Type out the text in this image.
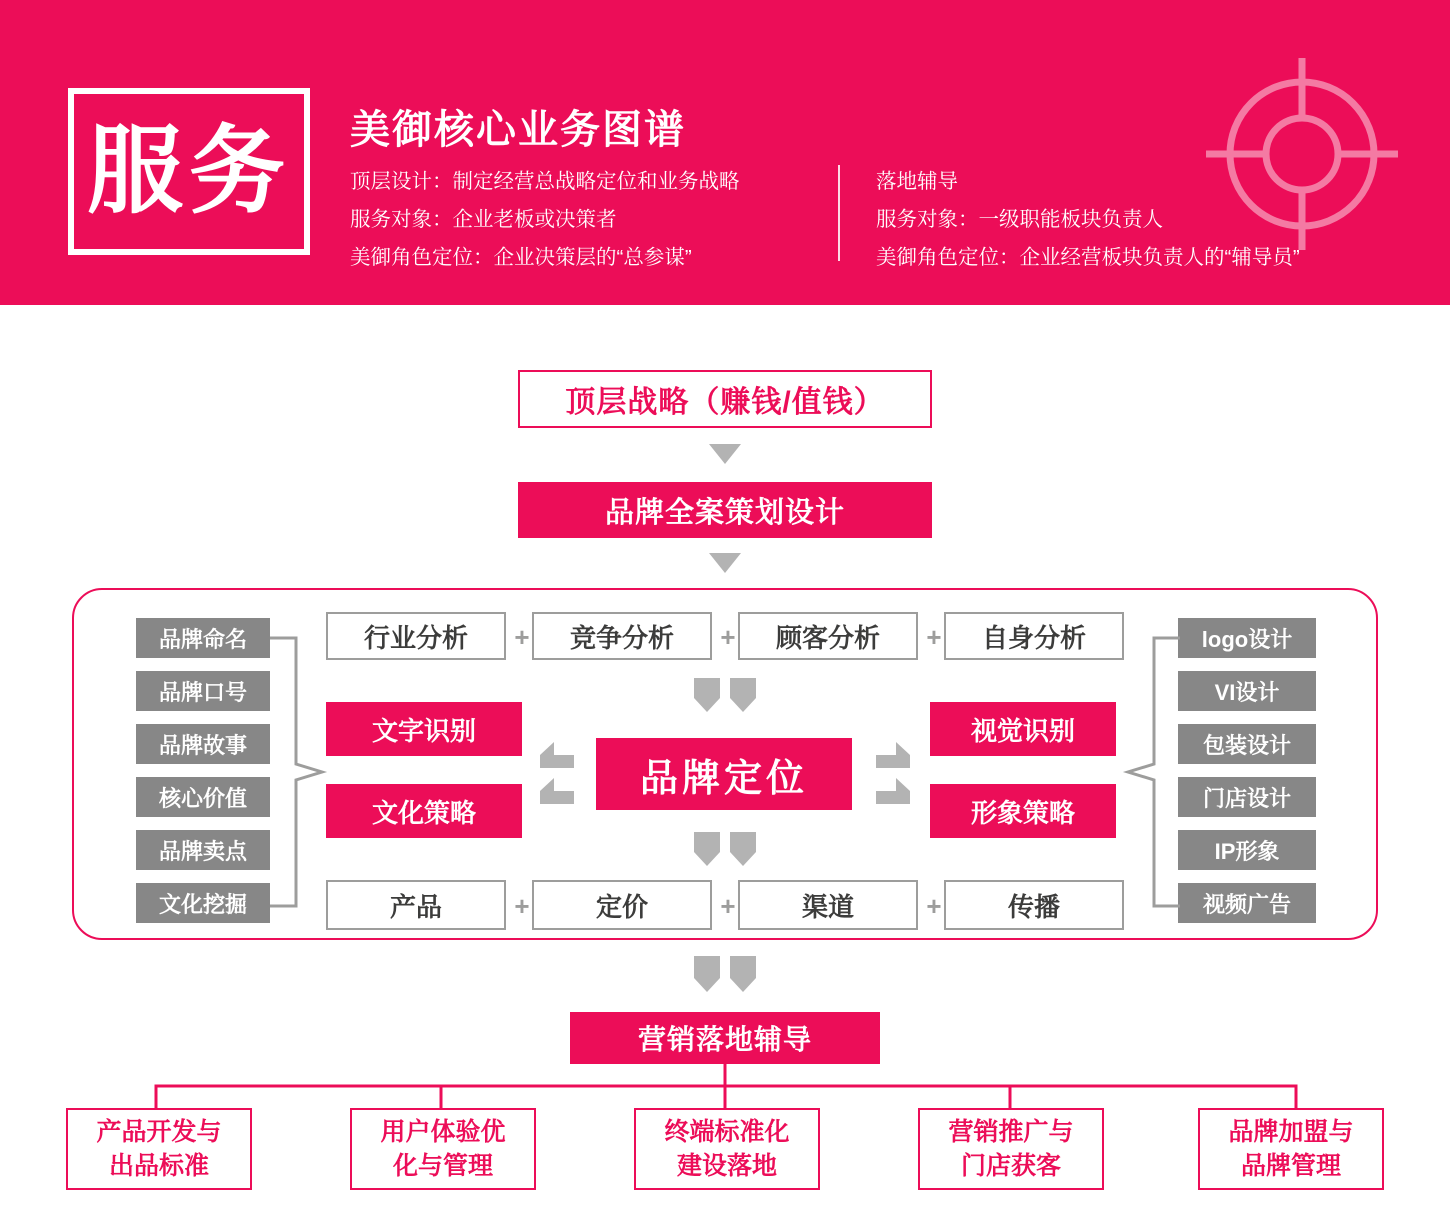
服务 美御核心业务图谱
顶层设计：制定经营总战略定位和业务战略
服务对象：企业老板或决策者
美御角色定位：企业决策层的“总参谋”
落地辅导
服务对象：一级职能板块负责人
美御角色定位：企业经营板块负责人的“辅导员”
顶层战略（赚钱/值钱）
品牌全案策划设计
行业分析	+	竞争分析	+	顾客分析	+	自身分析
产品	+	定价	+	渠道	+	传播
品牌命名
品牌口号
品牌故事
核心价值
品牌卖点
文化挖掘
logo设计
VI设计
包装设计
门店设计
IP形象
视频广告
文字识别
文化策略
视觉识别
形象策略
品牌定位
营销落地辅导
产品开发与
出品标准
用户体验优
化与管理
终端标准化
建设落地
营销推广与
门店获客
品牌加盟与
品牌管理
